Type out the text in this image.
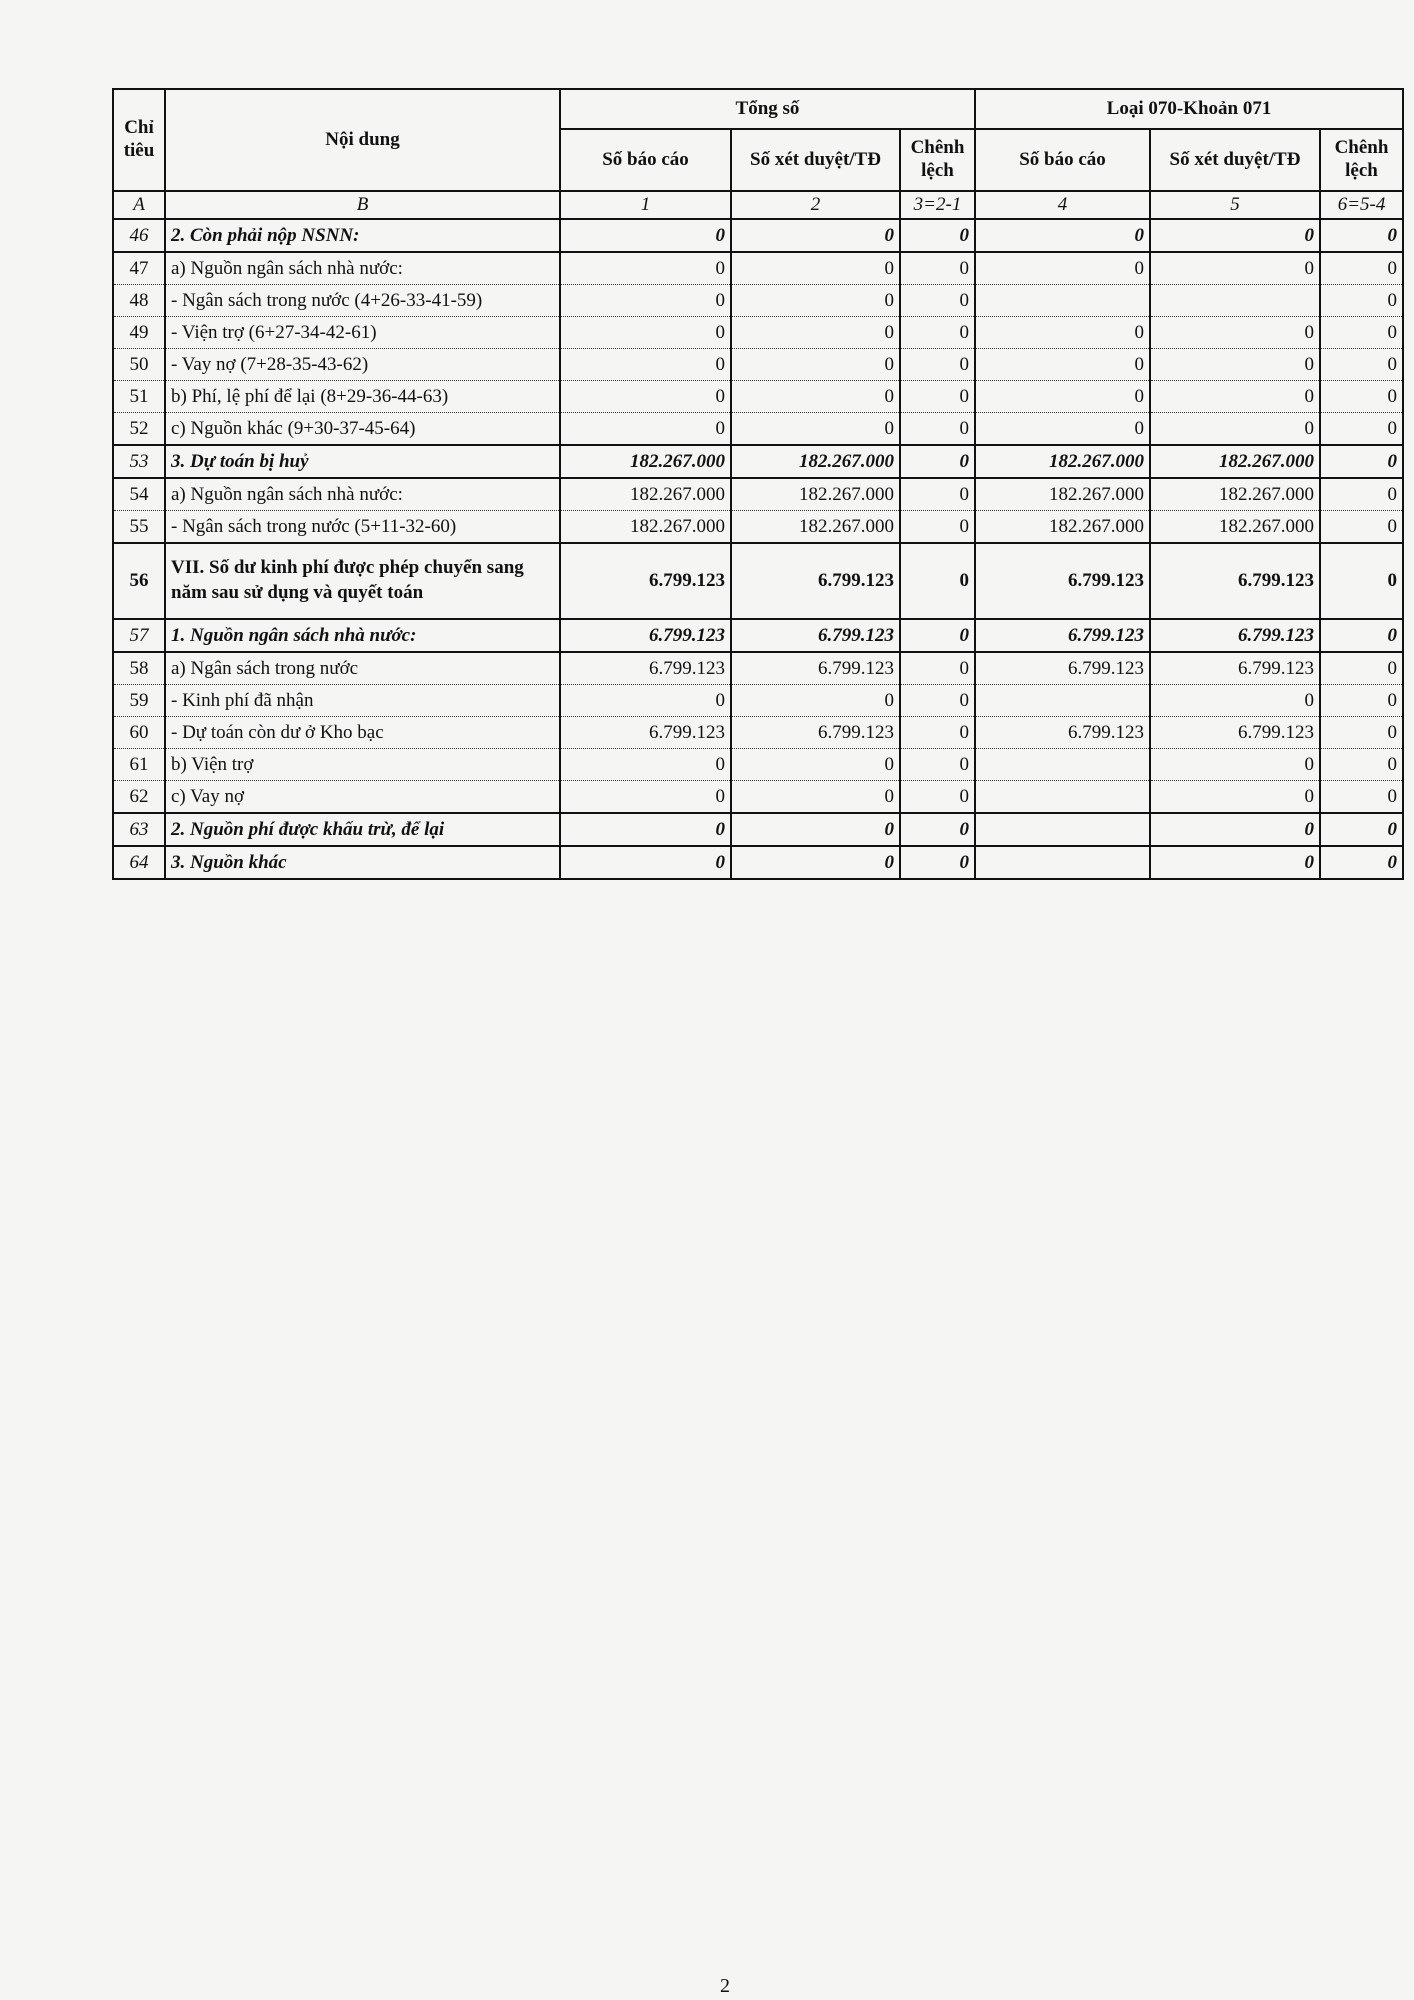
Chỉ tiêu	Nội dung	Tổng số			Loại 070-Khoản 071		
		Số báo cáo	Số xét duyệt/TĐ	Chênh lệch	Số báo cáo	Số xét duyệt/TĐ	Chênh lệch
A	B	1	2	3=2-1	4	5	6=5-4
46	2. Còn phải nộp NSNN:	0	0	0	0	0	0
47	a) Nguồn ngân sách nhà nước:	0	0	0	0	0	0
48	- Ngân sách trong nước (4+26-33-41-59)	0	0	0			0
49	- Viện trợ (6+27-34-42-61)	0	0	0	0	0	0
50	- Vay nợ (7+28-35-43-62)	0	0	0	0	0	0
51	b) Phí, lệ phí để lại (8+29-36-44-63)	0	0	0	0	0	0
52	c) Nguồn khác (9+30-37-45-64)	0	0	0	0	0	0
53	3. Dự toán bị huỷ	182.267.000	182.267.000	0	182.267.000	182.267.000	0
54	a) Nguồn ngân sách nhà nước:	182.267.000	182.267.000	0	182.267.000	182.267.000	0
55	- Ngân sách trong nước (5+11-32-60)	182.267.000	182.267.000	0	182.267.000	182.267.000	0
56	VII. Số dư kinh phí được phép chuyển sang năm sau sử dụng và quyết toán	6.799.123	6.799.123	0	6.799.123	6.799.123	0
57	1. Nguồn ngân sách nhà nước:	6.799.123	6.799.123	0	6.799.123	6.799.123	0
58	a) Ngân sách trong nước	6.799.123	6.799.123	0	6.799.123	6.799.123	0
59	- Kinh phí đã nhận	0	0	0		0	0
60	- Dự toán còn dư ở Kho bạc	6.799.123	6.799.123	0	6.799.123	6.799.123	0
61	b) Viện trợ	0	0	0		0	0
62	c) Vay nợ	0	0	0		0	0
63	2. Nguồn phí được khấu trừ, để lại	0	0	0		0	0
64	3. Nguồn khác	0	0	0		0	0
2
